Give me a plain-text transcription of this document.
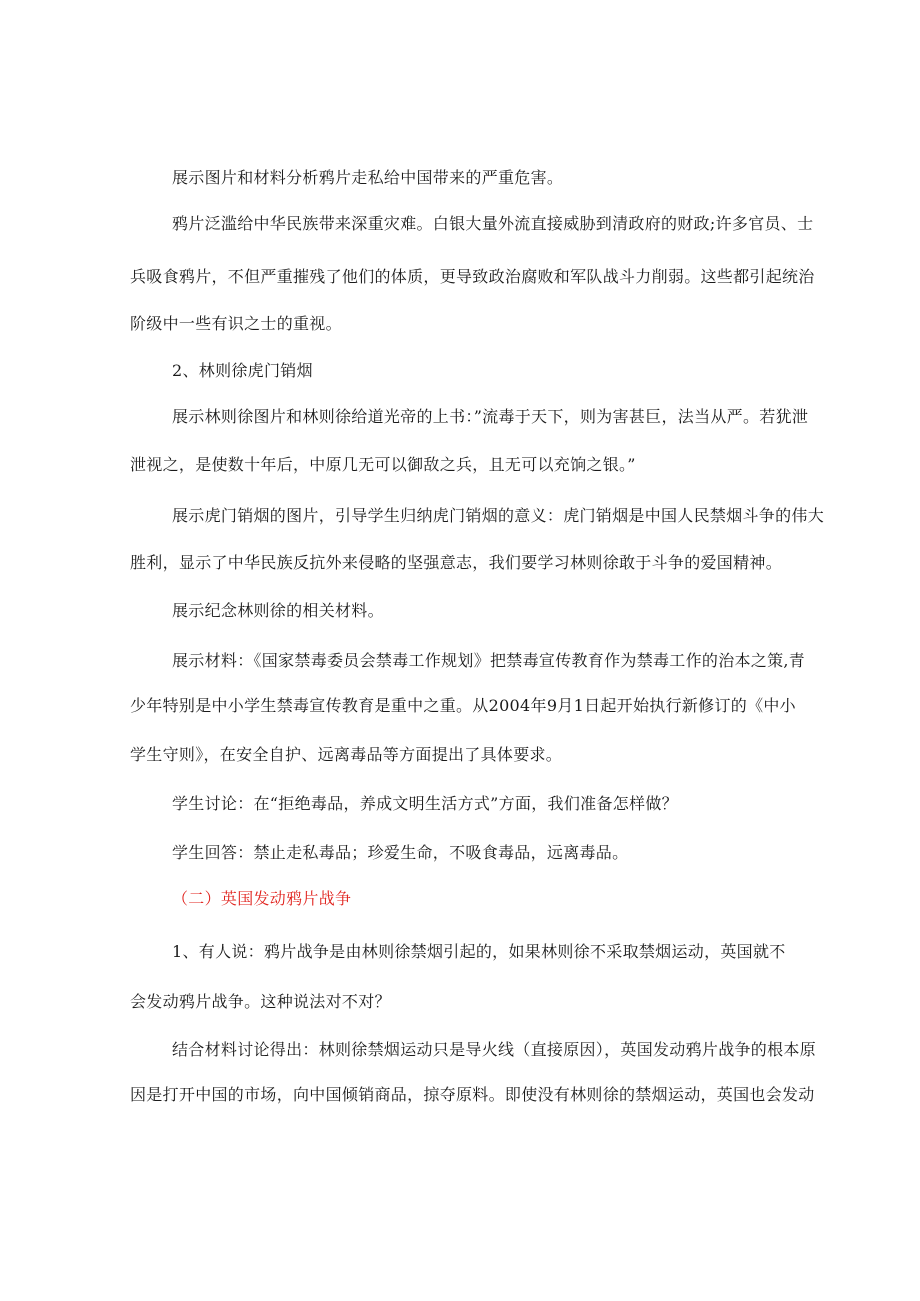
展示图片和材料分析鸦片走私给中国带来的严重危害。
鸦片泛滥给中华民族带来深重灾难。白银大量外流直接威胁到清政府的财政;许多官员、士
兵吸食鸦片，不但严重摧残了他们的体质，更导致政治腐败和军队战斗力削弱。这些都引起统治
阶级中一些有识之士的重视。
2、林则徐虎门销烟
展示林则徐图片和林则徐给道光帝的上书：”流毒于天下，则为害甚巨，法当从严。若犹泄
泄视之，是使数十年后，中原几无可以御敌之兵，且无可以充饷之银。”
展示虎门销烟的图片，引导学生归纳虎门销烟的意义：虎门销烟是中国人民禁烟斗争的伟大
胜利，显示了中华民族反抗外来侵略的坚强意志，我们要学习林则徐敢于斗争的爱国精神。
展示纪念林则徐的相关材料。
展示材料：《国家禁毒委员会禁毒工作规划》把禁毒宣传教育作为禁毒工作的治本之策,青
少年特别是中小学生禁毒宣传教育是重中之重。从2004年9月1日起开始执行新修订的《中小
学生守则》，在安全自护、远离毒品等方面提出了具体要求。
学生讨论：在“拒绝毒品，养成文明生活方式”方面，我们准备怎样做？
学生回答：禁止走私毒品；珍爱生命，不吸食毒品，远离毒品。
（二）英国发动鸦片战争
1、有人说：鸦片战争是由林则徐禁烟引起的，如果林则徐不采取禁烟运动，英国就不
会发动鸦片战争。这种说法对不对？
结合材料讨论得出：林则徐禁烟运动只是导火线（直接原因），英国发动鸦片战争的根本原
因是打开中国的市场，向中国倾销商品，掠夺原料。即使没有林则徐的禁烟运动，英国也会发动
